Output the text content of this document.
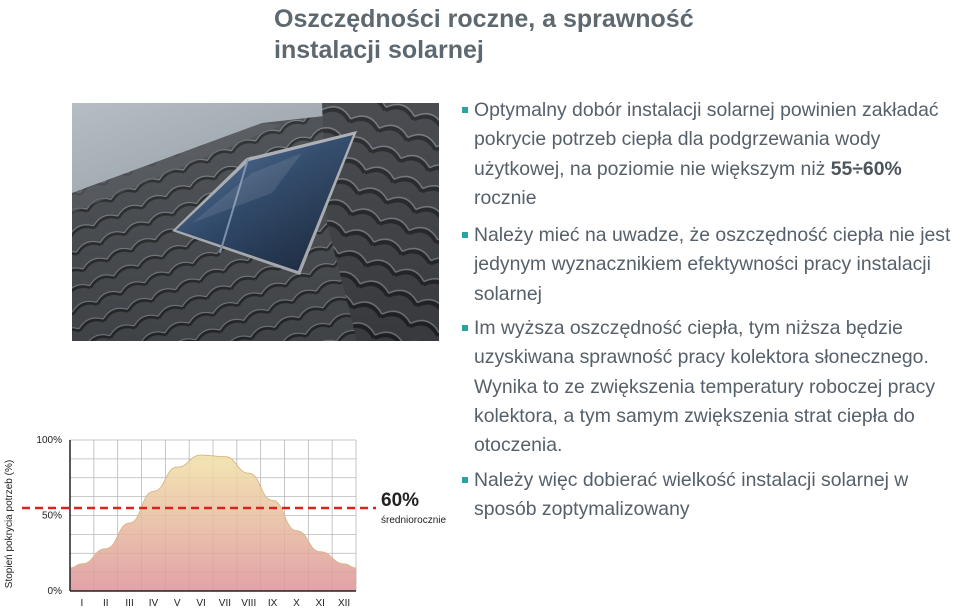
Oszczędności roczne, a sprawność
instalacji solarnej
Optymalny dobór instalacji solarnej powinien zakładać pokrycie potrzeb ciepła dla podgrzewania wody użytkowej, na poziomie nie większym niż 55÷60% rocznie
Należy mieć na uwadze, że oszczędność ciepła nie jest jedynym wyznacznikiem efektywności pracy instalacji solarnej
Im wyższa oszczędność ciepła, tym niższa będzie uzyskiwana sprawność pracy kolektora słonecznego. Wynika to ze zwiększenia temperatury roboczej pracy kolektora, a tym samym zwiększenia strat ciepła do otoczenia.
Należy więc dobierać wielkość instalacji solarnej w sposób zoptymalizowany
0%
50%
100%
I II III IV V VI VII VIII IX X XI XII
60%
średniorocznie
Stopień pokrycia potrzeb (%)
